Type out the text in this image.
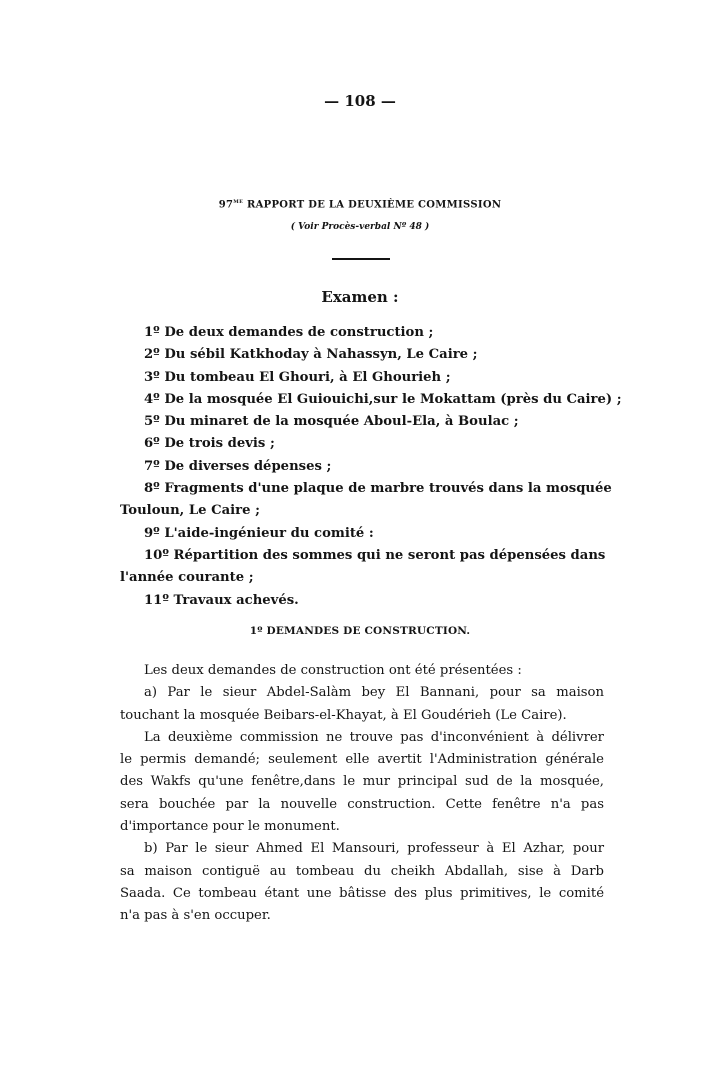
— 108 —
$97^{me}$ RAPPORT DE LA DEUXIÈME COMMISSION
( Voir Procès-verbal Nº 48 )
Examen :
1º De deux demandes de construction ;
2º Du sébil Katkhoday à Nahassyn, Le Caire ;
3º Du tombeau El Ghouri, à El Ghourieh ;
4º De la mosquée El Guiouichi,sur le Mokattam (près du Caire) ;
5º Du minaret de la mosquée Aboul-Ela, à Boulac ;
6º De trois devis ;
7º De diverses dépenses ;
8º Fragments d'une plaque de marbre trouvés dans la mosquée
Touloun, Le Caire ;
9º L'aide-ingénieur du comité :
10º Répartition des sommes qui ne seront pas dépensées dans
l'année courante ;
11º Travaux achevés.
1º DEMANDES DE CONSTRUCTION.
Les deux demandes de construction ont été présentées :
a) Par le sieur Abdel-Salàm bey El Bannani, pour sa maison
touchant la mosquée Beibars-el-Khayat, à El Goudérieh (Le Caire).
La deuxième commission ne trouve pas d'inconvénient à délivrer
le permis demandé; seulement elle avertit l'Administration générale
des Wakfs qu'une fenêtre,dans le mur principal sud de la mosquée,
sera bouchée par la nouvelle construction. Cette fenêtre n'a pas
d'importance pour le monument.
b) Par le sieur Ahmed El Mansouri, professeur à El Azhar, pour
sa maison contiguë au tombeau du cheikh Abdallah, sise à Darb
Saada. Ce tombeau étant une bâtisse des plus primitives, le comité
n'a pas à s'en occuper.
